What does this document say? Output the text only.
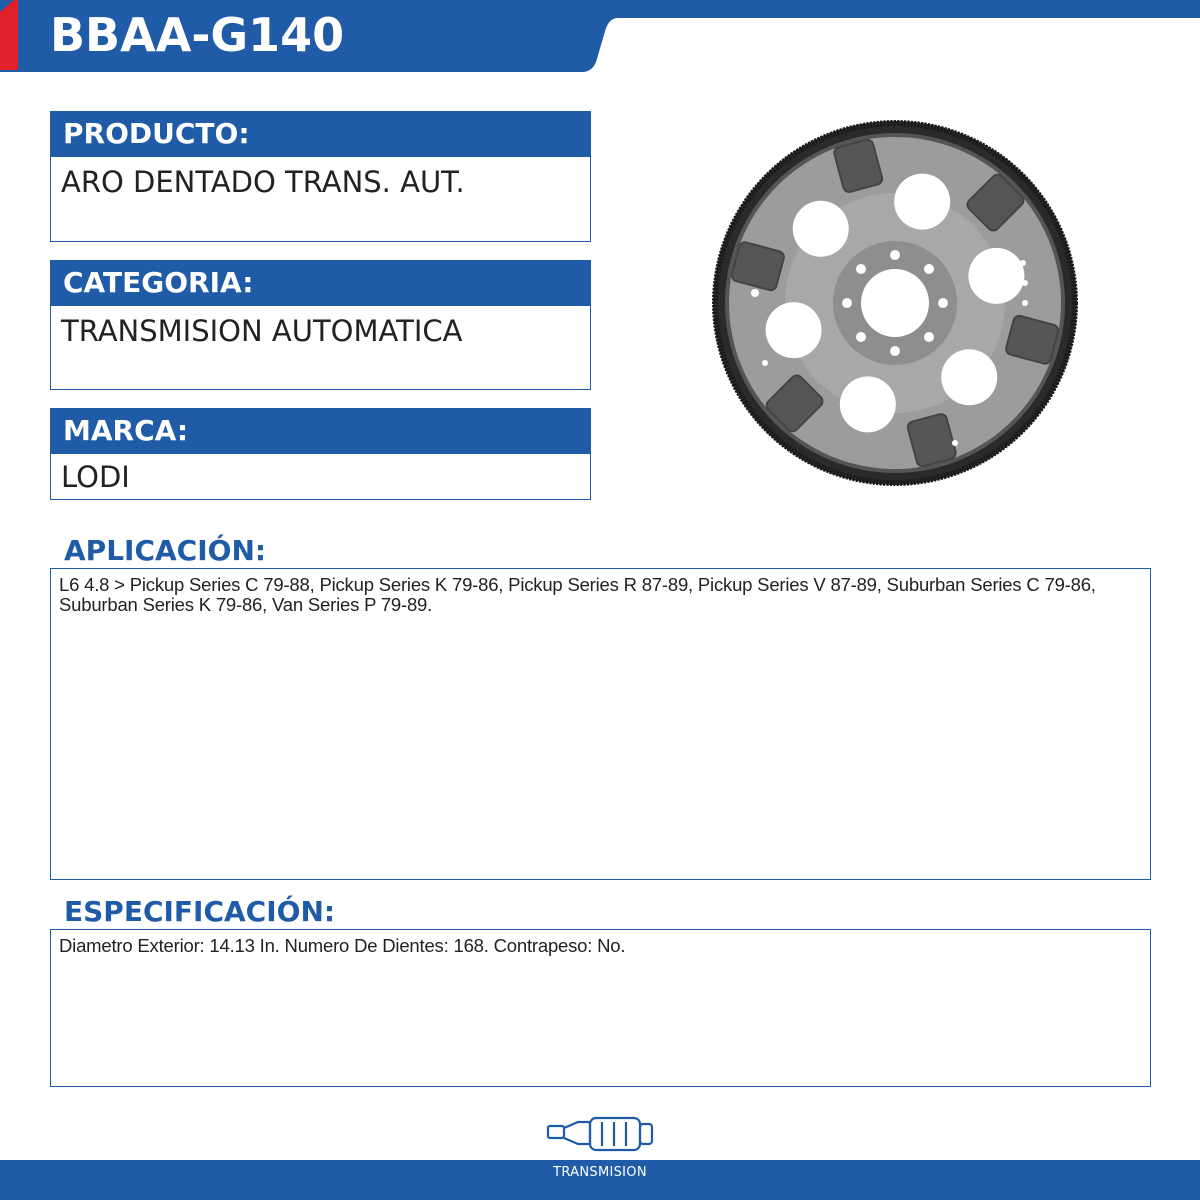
BBAA-G140
PRODUCTO:
ARO DENTADO TRANS. AUT.
CATEGORIA:
TRANSMISION AUTOMATICA
MARCA:
LODI
APLICACIÓN:
L6 4.8 > Pickup Series C 79-88, Pickup Series K 79-86, Pickup Series R 87-89, Pickup Series V 87-89, Suburban Series C 79-86, Suburban Series K 79-86, Van Series P 79-89.
ESPECIFICACIÓN:
Diametro Exterior: 14.13 In. Numero De Dientes: 168. Contrapeso: No.
TRANSMISION
